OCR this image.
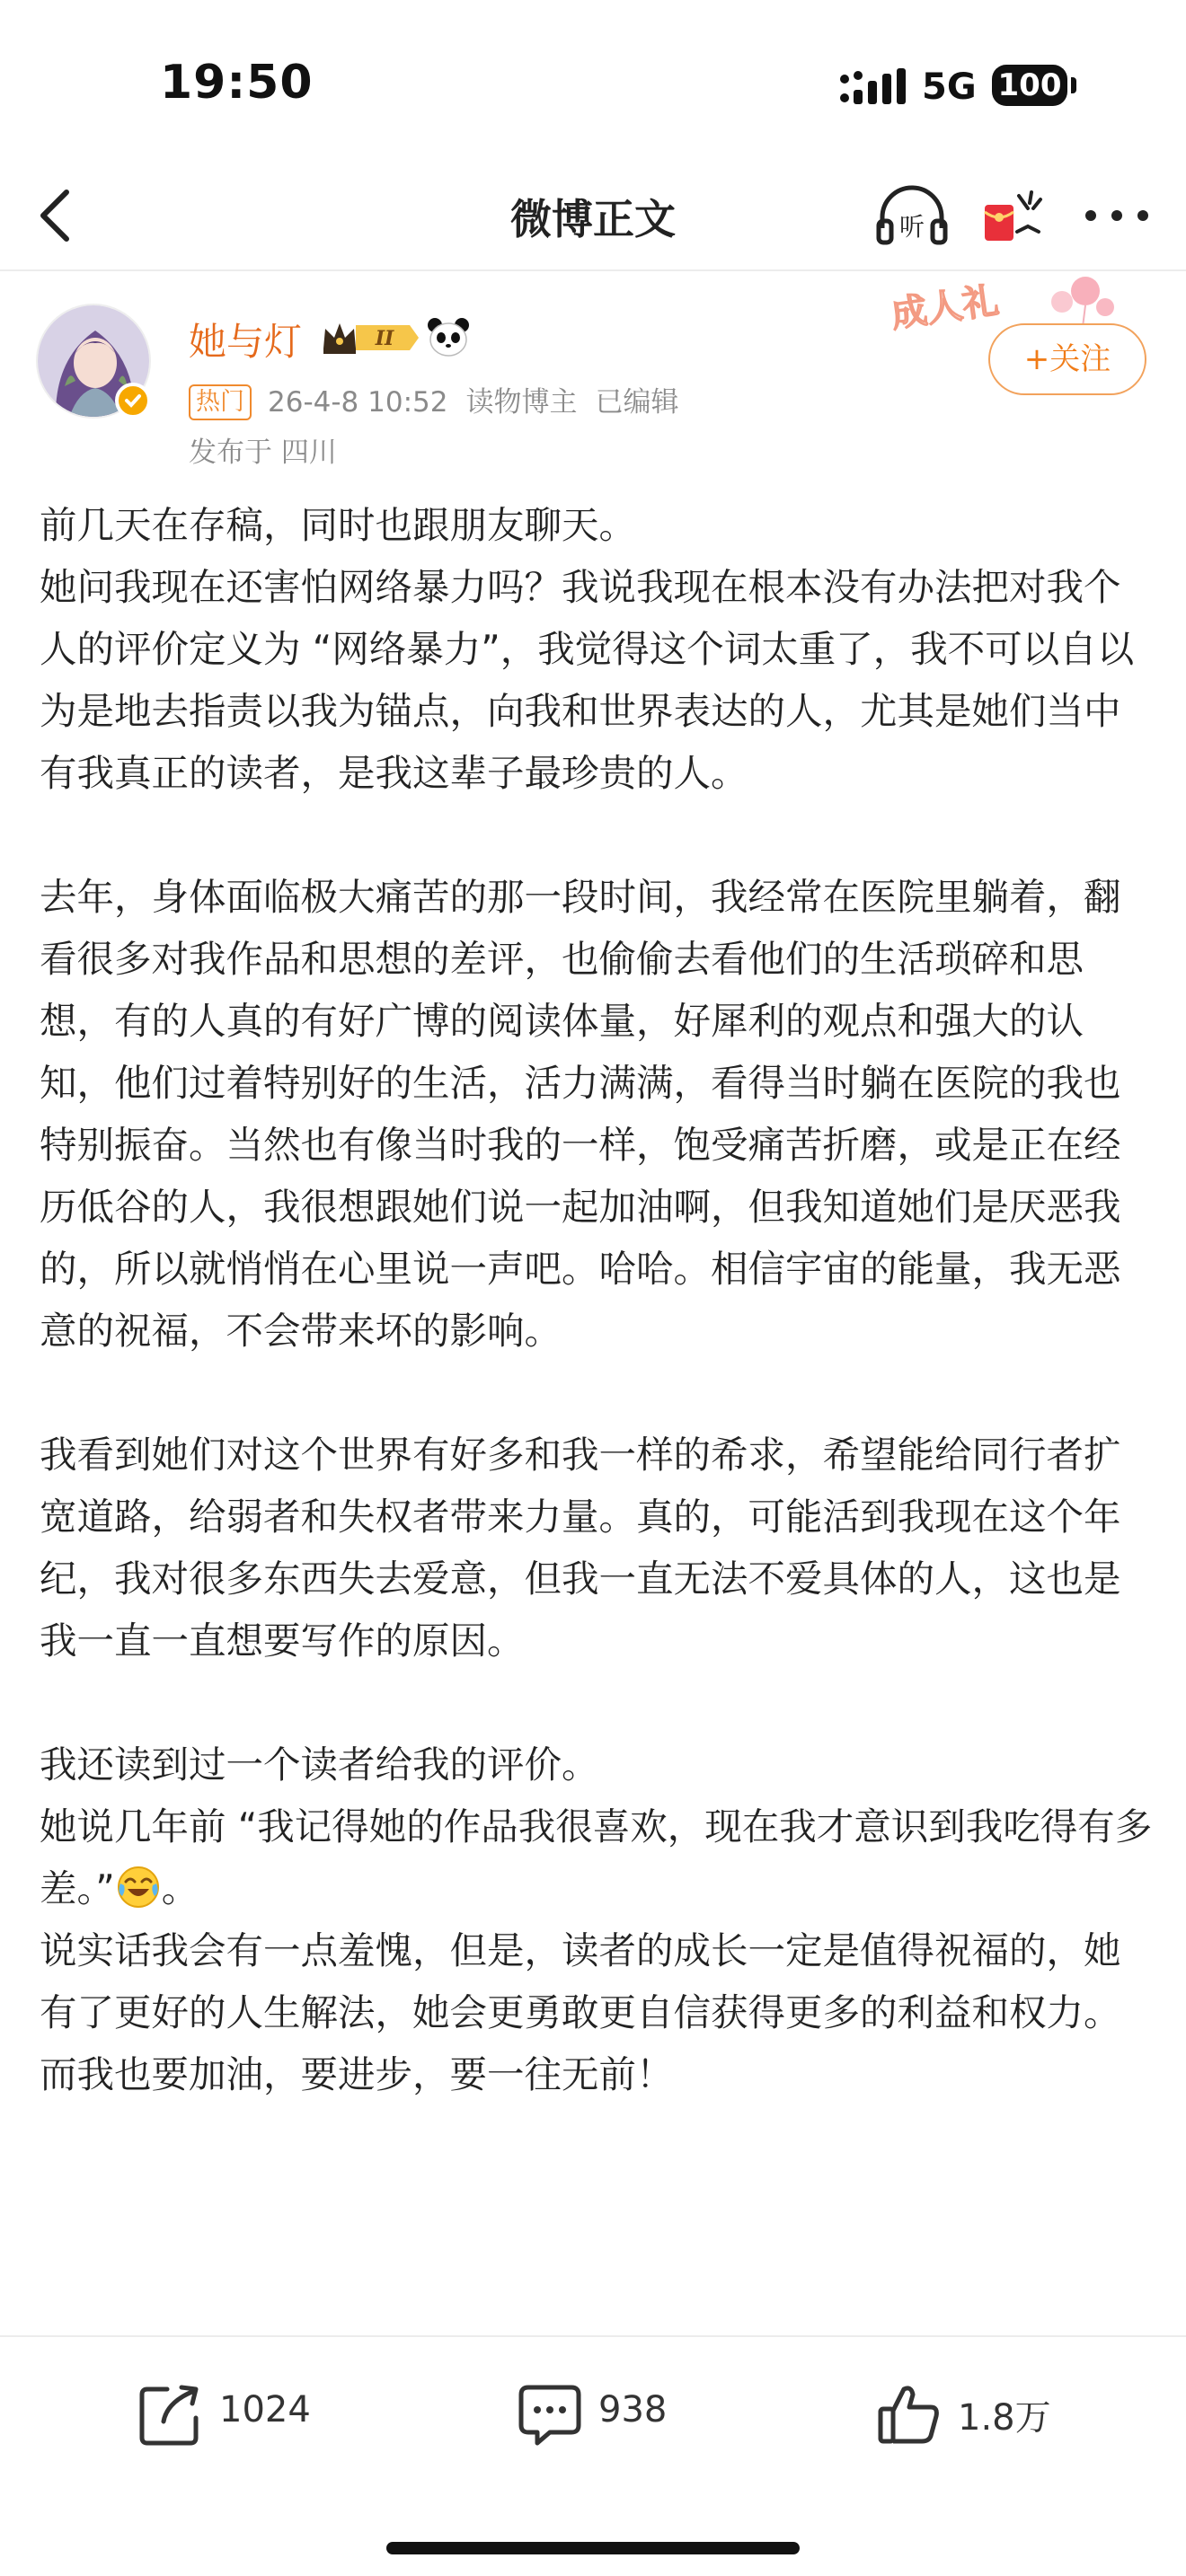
19:50	5G 100
微博正文	听
她与灯	II
热门 26-4-8 10:52 读物博主 已编辑
发布于 四川
成人礼
+关注

前几天在存稿，同时也跟朋友聊天。

她问我现在还害怕网络暴力吗？我说我现在根本没有办法把对我个人的评价定义为 “网络暴力”，我觉得这个词太重了，我不可以自以为是地去指责以我为锚点，向我和世界表达的人，尤其是她们当中有我真正的读者，是我这辈子最珍贵的人。

去年，身体面临极大痛苦的那一段时间，我经常在医院里躺着，翻看很多对我作品和思想的差评，也偷偷去看他们的生活琐碎和思想，有的人真的有好广博的阅读体量，好犀利的观点和强大的认知，他们过着特别好的生活，活力满满，看得当时躺在医院的我也特别振奋。当然也有像当时我的一样，饱受痛苦折磨，或是正在经历低谷的人，我很想跟她们说一起加油啊，但我知道她们是厌恶我的，所以就悄悄在心里说一声吧。哈哈。相信宇宙的能量，我无恶意的祝福，不会带来坏的影响。

我看到她们对这个世界有好多和我一样的希求，希望能给同行者扩宽道路，给弱者和失权者带来力量。真的，可能活到我现在这个年纪，我对很多东西失去爱意，但我一直无法不爱具体的人，这也是我一直一直想要写作的原因。

我还读到过一个读者给我的评价。

她说几年前 “我记得她的作品我很喜欢，现在我才意识到我吃得有多差。” 。

说实话我会有一点羞愧，但是，读者的成长一定是值得祝福的，她有了更好的人生解法，她会更勇敢更自信获得更多的利益和权力。

而我也要加油，要进步，要一往无前！

1024	938	1.8万
